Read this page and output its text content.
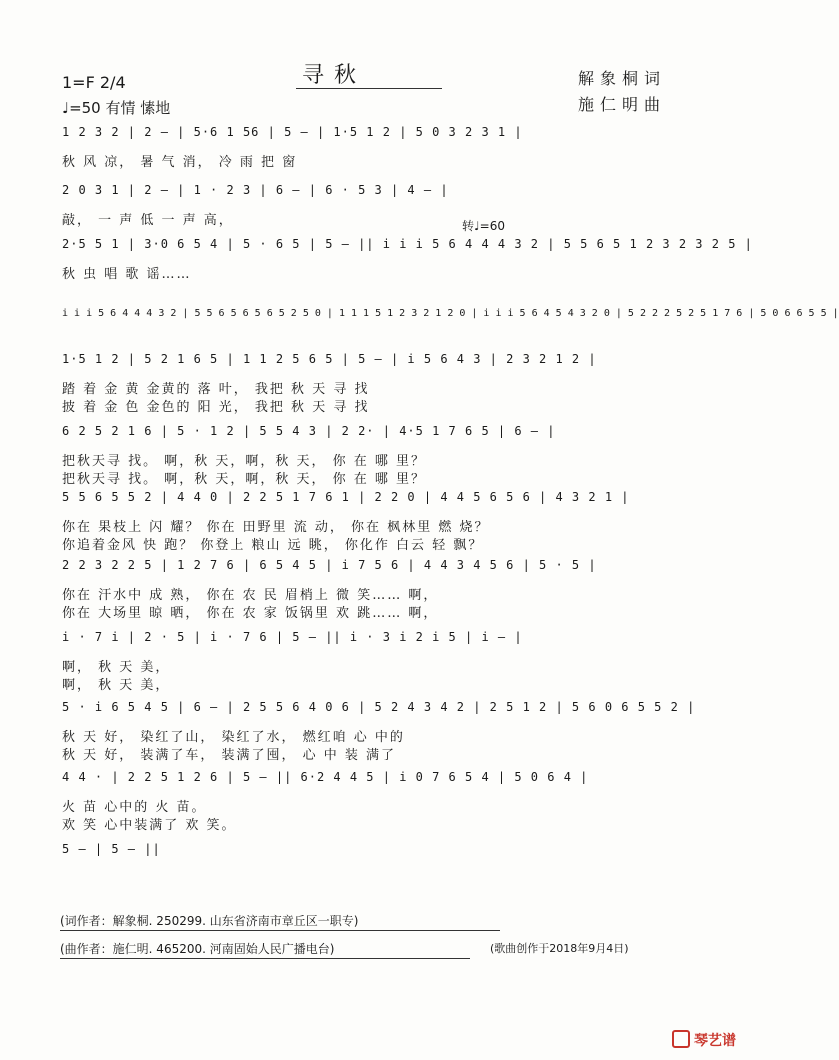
寻秋	解象桐词
施仁明曲
1=F 2/4
♩=50 有情 愫地
1 2 3 2 | 2 — | 5·6 1 56 | 5 — | 1·5 1 2 | 5 0 3 2 3 1 |
秋 风 凉， 暑 气 消， 冷 雨 把 窗
2 0 3 1 | 2 — | 1 · 2 3 | 6 — | 6 · 5 3 | 4 — |
敲， 一 声 低 一 声 高，
2·5 5 1 | 3·0 6 5 4 | 5 · 6 5 | 5 — || i i i 5 6 4 4 4 3 2 | 5 5 6 5 1 2 3 2 3 2 5 |
转♩=60
秋 虫 唱 歌 谣……
i i i 5 6 4 4 4 3 2 | 5 5 6 5 6 5 6 5 2 5 0 | 1 1 1 5 1 2 3 2 1 2 0 | i i i 5 6 4 5 4 3 2 0 | 5 2 2 2 5 2 5 1 7 6 | 5 0 6 6 5 5 |
1·5 1 2 | 5 2 1 6 5 | 1 1 2 5 6 5 | 5 — | i 5 6 4 3 | 2 3 2 1 2 |
踏 着 金 黄 金黄的 落 叶， 我把 秋 天 寻 找
披 着 金 色 金色的 阳 光， 我把 秋 天 寻 找
6 2 5 2 1 6 | 5 · 1 2 | 5 5 4 3 | 2 2· | 4·5 1 7 6 5 | 6 — |
把秋天寻 找。 啊，秋 天，啊，秋 天， 你 在 哪 里？
把秋天寻 找。 啊，秋 天，啊，秋 天， 你 在 哪 里？
5 5 6 5 5 2 | 4 4 0 | 2 2 5 1 7 6 1 | 2 2 0 | 4 4 5 6 5 6 | 4 3 2 1 |
你在 果枝上 闪 耀？ 你在 田野里 流 动， 你在 枫林里 燃 烧？
你追着金风 快 跑？ 你登上 粮山 远 眺， 你化作 白云 轻 飘？
2 2 3 2 2 5 | 1 2 7 6 | 6 5 4 5 | i 7 5 6 | 4 4 3 4 5 6 | 5 · 5 |
你在 汗水中 成 熟， 你在 农 民 眉梢上 微 笑…… 啊，
你在 大场里 晾 晒， 你在 农 家 饭锅里 欢 跳…… 啊，
i · 7 i | 2 · 5 | i · 7 6 | 5 — || i · 3 i 2 i 5 | i — |
啊， 秋 天 美，
啊， 秋 天 美，
5 · i 6 5 4 5 | 6 — | 2 5 5 6 4 0 6 | 5 2 4 3 4 2 | 2 5 1 2 | 5 6 0 6 5 5 2 |
秋 天 好， 染红了山， 染红了水， 燃红咱 心 中的
秋 天 好， 装满了车， 装满了囤， 心 中 装 满了
4 4 · | 2 2 5 1 2 6 | 5 — || 6·2 4 4 5 | i 0 7 6 5 4 | 5 0 6 4 |
火 苗 心中的 火 苗。
欢 笑 心中装满了 欢 笑。
5 — | 5 — ||
(词作者：解象桐. 250299. 山东省济南市章丘区一职专)
(曲作者：施仁明. 465200. 河南固始人民广播电台)	(歌曲创作于2018年9月4日)
琴艺谱
